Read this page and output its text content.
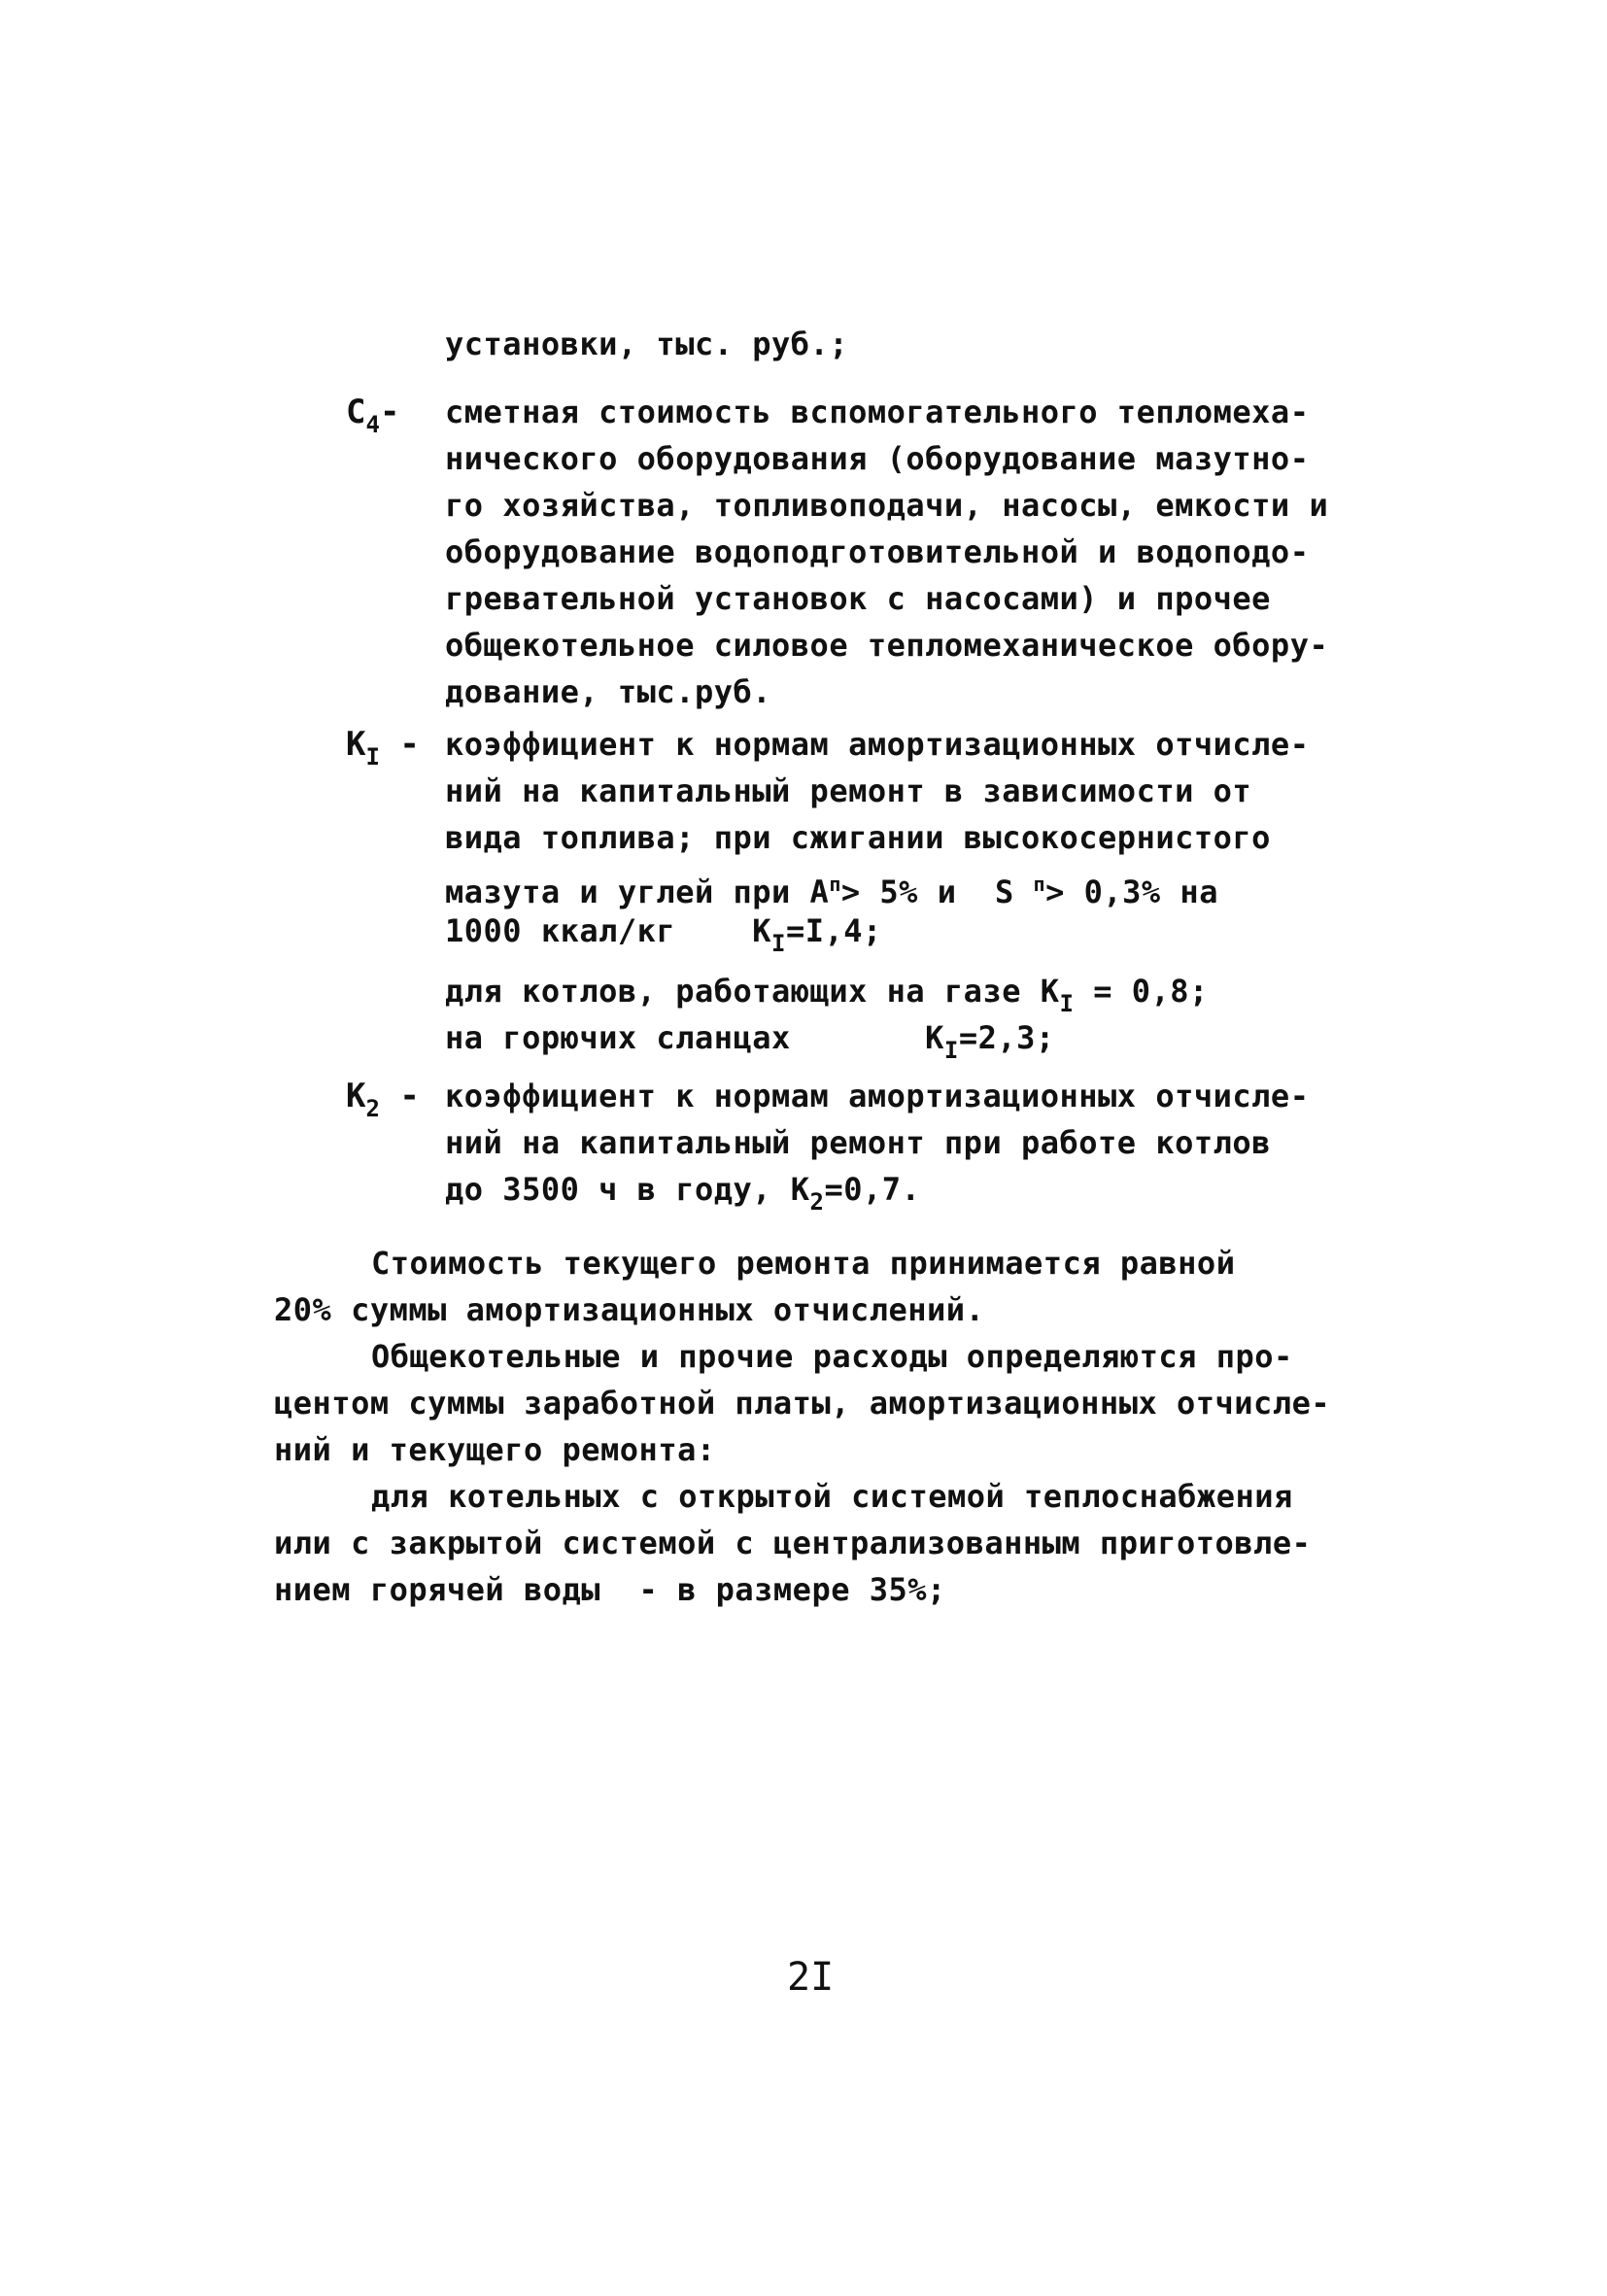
установки, тыс. руб.;
$C_4-$ сметная стоимость вспомогательного тепломеха-
нического оборудования (оборудование мазутно-
го хозяйства, топливоподачи, насосы, емкости и
оборудование водоподготовительной и водоподо-
гревательной установок с насосами) и прочее
общекотельное силовое тепломеханическое обору-
дование, тыс.руб.
$K_I$ - коэффициент к нормам амортизационных отчисле-
ний на капитальный ремонт в зависимости от
вида топлива; при сжигании высокосернистого
мазута и углей при $A^п> 5\%$ и  S $^п$> 0,3% на
1000 ккал/кг    $K_I=I,4$;
для котлов, работающих на газе $K_I = 0,8$;
на горючих сланцах       $K_I=2,3$;
$K_2$ - коэффициент к нормам амортизационных отчисле-
ний на капитальный ремонт при работе котлов
до 3500 ч в году, $K_2=0,7$.
Стоимость текущего ремонта принимается равной
20% суммы амортизационных отчислений.
Общекотельные и прочие расходы определяются про-
центом суммы заработной платы, амортизационных отчисле-
ний и текущего ремонта:
для котельных с открытой системой теплоснабжения
или с закрытой системой с централизованным приготовле-
нием горячей воды  - в размере 35%;
2I
